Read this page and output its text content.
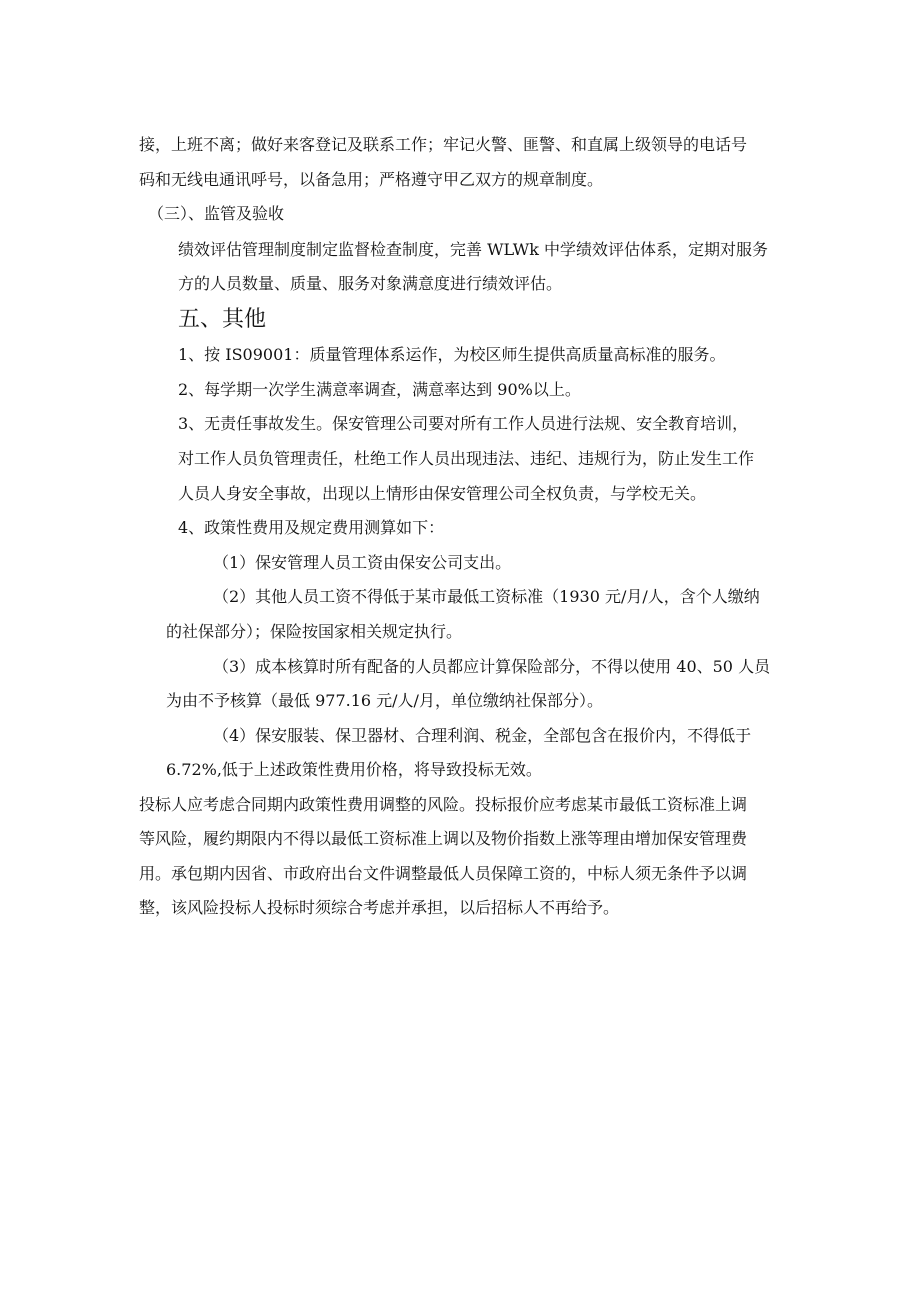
接，上班不离；做好来客登记及联系工作；牢记火警、匪警、和直属上级领导的电话号
码和无线电通讯呼号，以备急用；严格遵守甲乙双方的规章制度。
（三）、监管及验收
绩效评估管理制度制定监督检查制度，完善 WLWk 中学绩效评估体系，定期对服务
方的人员数量、质量、服务对象满意度进行绩效评估。
五、其他
1、按 IS09001：质量管理体系运作，为校区师生提供高质量高标准的服务。
2、每学期一次学生满意率调查，满意率达到 90%以上。
3、无责任事故发生。保安管理公司要对所有工作人员进行法规、安全教育培训，
对工作人员负管理责任，杜绝工作人员出现违法、违纪、违规行为，防止发生工作
人员人身安全事故，出现以上情形由保安管理公司全权负责，与学校无关。
4、政策性费用及规定费用测算如下：
（1）保安管理人员工资由保安公司支出。
（2）其他人员工资不得低于某市最低工资标准（1930 元/月/人，含个人缴纳
的社保部分）；保险按国家相关规定执行。
（3）成本核算时所有配备的人员都应计算保险部分，不得以使用 40、50 人员
为由不予核算（最低 977.16 元/人/月，单位缴纳社保部分）。
（4）保安服装、保卫器材、合理利润、税金，全部包含在报价内，不得低于
6.72%,低于上述政策性费用价格，将导致投标无效。
投标人应考虑合同期内政策性费用调整的风险。投标报价应考虑某市最低工资标准上调
等风险，履约期限内不得以最低工资标准上调以及物价指数上涨等理由增加保安管理费
用。承包期内因省、市政府出台文件调整最低人员保障工资的，中标人须无条件予以调
整，该风险投标人投标时须综合考虑并承担，以后招标人不再给予。
